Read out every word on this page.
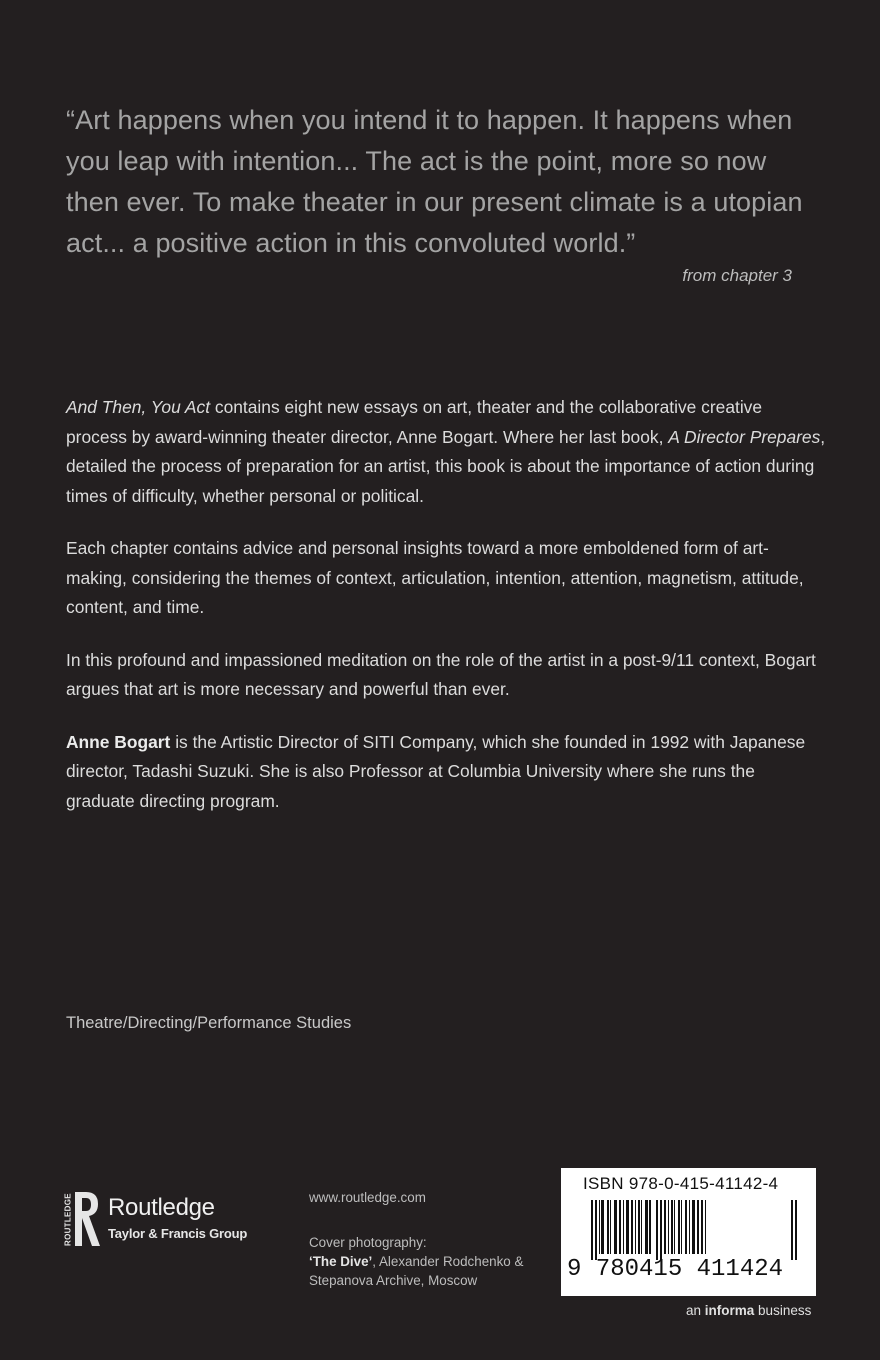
“Art happens when you intend it to happen. It happens when you leap with intention... The act is the point, more so now then ever. To make theater in our present climate is a utopian act... a positive action in this convoluted world.”
from chapter 3

And Then, You Act contains eight new essays on art, theater and the collaborative creative process by award-winning theater director, Anne Bogart. Where her last book, A Director Prepares, detailed the process of preparation for an artist, this book is about the importance of action during times of difficulty, whether personal or political.

Each chapter contains advice and personal insights toward a more emboldened form of art-making, considering the themes of context, articulation, intention, attention, magnetism, attitude, content, and time.

In this profound and impassioned meditation on the role of the artist in a post-9/11 context, Bogart argues that art is more necessary and powerful than ever.

Anne Bogart is the Artistic Director of SITI Company, which she founded in 1992 with Japanese director, Tadashi Suzuki. She is also Professor at Columbia University where she runs the graduate directing program.

Theatre/Directing/Performance Studies
ROUTLEDGE Routledge
Taylor & Francis Group
www.routledge.com
Cover photography:
‘The Dive’, Alexander Rodchenko & Stepanova Archive, Moscow
ISBN 978-0-415-41142-4
9 780415 411424
an informa business
